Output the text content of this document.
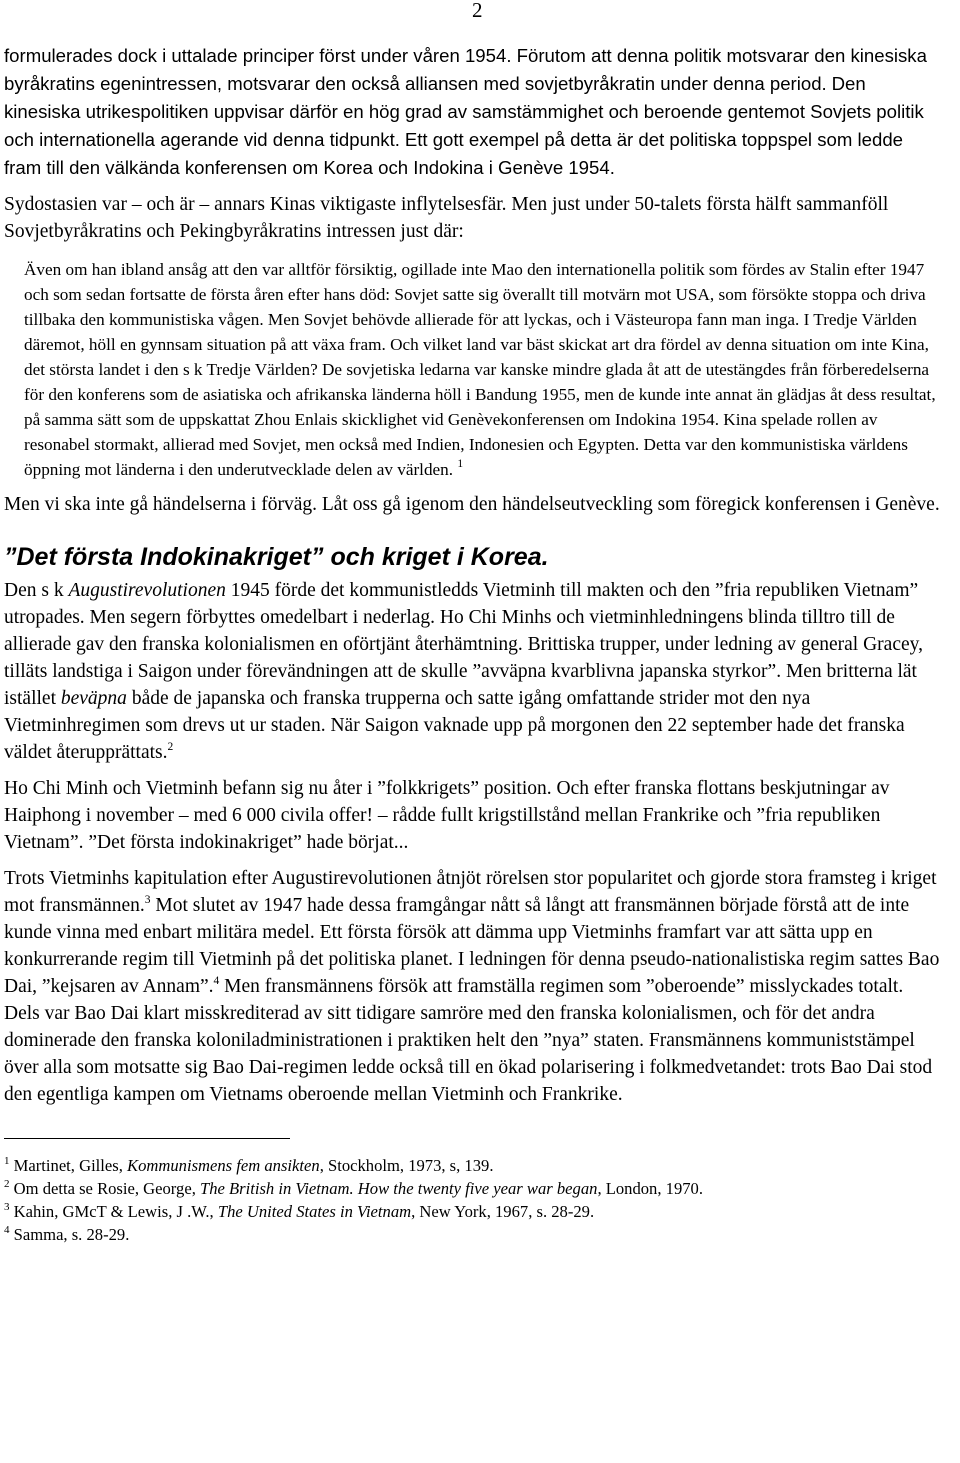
2

formulerades dock i uttalade principer först under våren 1954. Förutom att denna politik motsvarar den kinesiska byråkratins egenintressen, motsvarar den också alliansen med sovjetbyråkratin under denna period. Den kinesiska utrikespolitiken uppvisar därför en hög grad av samstämmighet och beroende gentemot Sovjets politik och internationella agerande vid denna tidpunkt. Ett gott exempel på detta är det politiska toppspel som ledde fram till den välkända konferensen om Korea och Indokina i Genève 1954.

Sydostasien var – och är – annars Kinas viktigaste inflytelsesfär. Men just under 50-talets första hälft sammanföll Sovjetbyråkratins och Pekingbyråkratins intressen just där:

Även om han ibland ansåg att den var alltför försiktig, ogillade inte Mao den internationella politik som fördes av Stalin efter 1947 och som sedan fortsatte de första åren efter hans död: Sovjet satte sig överallt till motvärn mot USA, som försökte stoppa och driva tillbaka den kommunistiska vågen. Men Sovjet behövde allierade för att lyckas, och i Västeuropa fann man inga. I Tredje Världen däremot, höll en gynnsam situation på att växa fram. Och vilket land var bäst skickat art dra fördel av denna situation om inte Kina, det största landet i den s k Tredje Världen? De sovjetiska ledarna var kanske mindre glada åt att de utestängdes från förberedelserna för den konferens som de asiatiska och afrikanska länderna höll i Bandung 1955, men de kunde inte annat än glädjas åt dess resultat, på samma sätt som de uppskattat Zhou Enlais skicklighet vid Genèvekonferensen om Indokina 1954. Kina spelade rollen av resonabel stormakt, allierad med Sovjet, men också med Indien, Indonesien och Egypten. Detta var den kommunistiska världens öppning mot länderna i den underutvecklade delen av världen. $^1$

Men vi ska inte gå händelserna i förväg. Låt oss gå igenom den händelseutveckling som föregick konferensen i Genève.

”Det första Indokinakriget” och kriget i Korea.

Den s k Augustirevolutionen 1945 förde det kommunistledds Vietminh till makten och den ”fria republiken Vietnam” utropades. Men segern förbyttes omedelbart i nederlag. Ho Chi Minhs och vietminhledningens blinda tilltro till de allierade gav den franska kolonialismen en oförtjänt återhämtning. Brittiska trupper, under ledning av general Gracey, tilläts landstiga i Saigon under förevändningen att de skulle ”avväpna kvarblivna japanska styrkor”. Men britterna lät istället beväpna både de japanska och franska trupperna och satte igång omfattande strider mot den nya Vietminhregimen som drevs ut ur staden. När Saigon vaknade upp på morgonen den 22 september hade det franska väldet återupprättats.$^2$

Ho Chi Minh och Vietminh befann sig nu åter i ”folkkrigets” position. Och efter franska flottans beskjutningar av Haiphong i november – med 6 000 civila offer! – rådde fullt krigstillstånd mellan Frankrike och ”fria republiken Vietnam”. ”Det första indokinakriget” hade börjat...

Trots Vietminhs kapitulation efter Augustirevolutionen åtnjöt rörelsen stor popularitet och gjorde stora framsteg i kriget mot fransmännen.$^3$ Mot slutet av 1947 hade dessa framgångar nått så långt att fransmännen började förstå att de inte kunde vinna med enbart militära medel. Ett första försök att dämma upp Vietminhs framfart var att sätta upp en konkurrerande regim till Vietminh på det politiska planet. I ledningen för denna pseudo-nationalistiska regim sattes Bao Dai, ”kejsaren av Annam”.$^4$ Men fransmännens försök att framställa regimen som ”oberoende” misslyckades totalt. Dels var Bao Dai klart misskrediterad av sitt tidigare samröre med den franska kolonialismen, och för det andra dominerade den franska koloniladministrationen i praktiken helt den ”nya” staten. Fransmännens kommuniststämpel över alla som motsatte sig Bao Dai-regimen ledde också till en ökad polarisering i folkmedvetandet: trots Bao Dai stod den egentliga kampen om Vietnams oberoende mellan Vietminh och Frankrike.

$^1$ Martinet, Gilles, Kommunismens fem ansikten, Stockholm, 1973, s, 139.
$^2$ Om detta se Rosie, George, The British in Vietnam. How the twenty five year war began, London, 1970.
$^3$ Kahin, GMcT & Lewis, J .W., The United States in Vietnam, New York, 1967, s. 28-29.
$^4$ Samma, s. 28-29.
